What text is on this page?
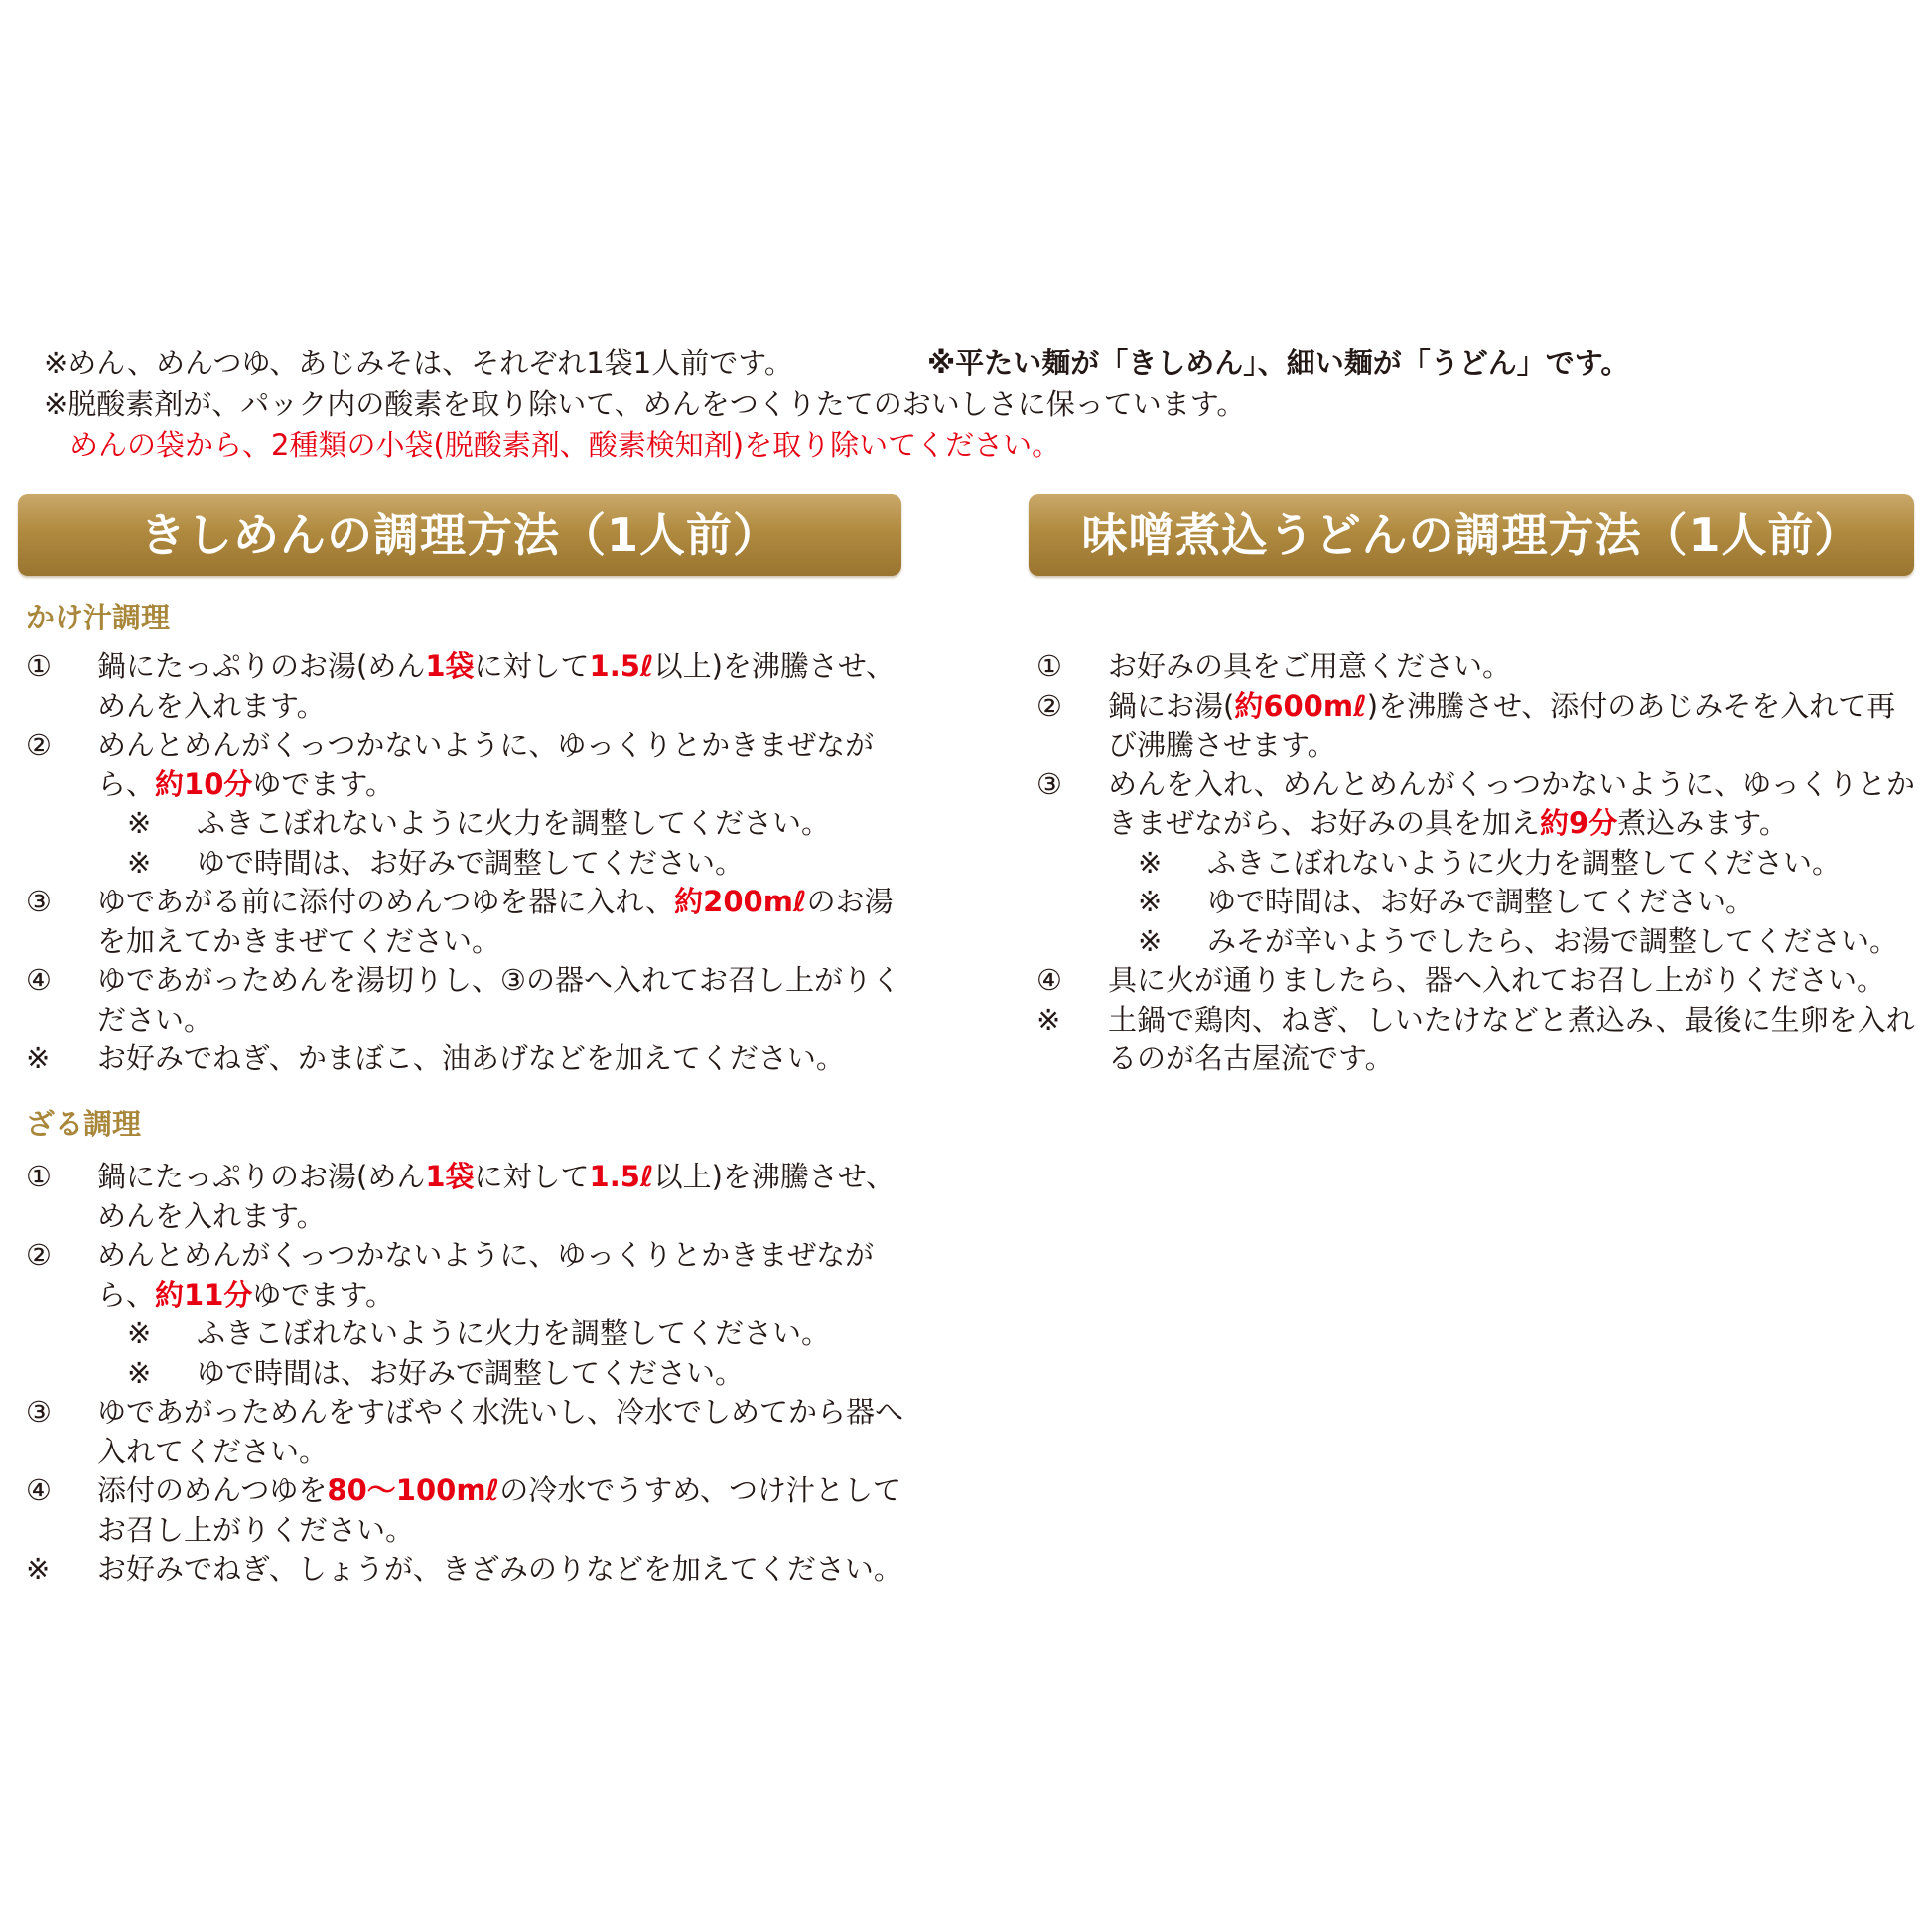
※めん、めんつゆ、あじみそは、それぞれ1袋1人前です。	※平たい麺が「きしめん」、細い麺が「うどん」です。
※脱酸素剤が、パック内の酸素を取り除いて、めんをつくりたてのおいしさに保っています。
めんの袋から、2種類の小袋(脱酸素剤、酸素検知剤)を取り除いてください。
きしめんの調理方法（1人前）
かけ汁調理
① 鍋にたっぷりのお湯(めん1袋に対して1.5ℓ以上)を沸騰させ、めんを入れます。
② めんとめんがくっつかないように、ゆっくりとかきまぜながら、約10分ゆでます。
※ ふきこぼれないように火力を調整してください。
※ ゆで時間は、お好みで調整してください。
③ ゆであがる前に添付のめんつゆを器に入れ、約200mℓのお湯を加えてかきまぜてください。
④ ゆであがっためんを湯切りし、③の器へ入れてお召し上がりください。
※ お好みでねぎ、かまぼこ、油あげなどを加えてください。
ざる調理
① 鍋にたっぷりのお湯(めん1袋に対して1.5ℓ以上)を沸騰させ、めんを入れます。
② めんとめんがくっつかないように、ゆっくりとかきまぜながら、約11分ゆでます。
※ ふきこぼれないように火力を調整してください。
※ ゆで時間は、お好みで調整してください。
③ ゆであがっためんをすばやく水洗いし、冷水でしめてから器へ入れてください。
④ 添付のめんつゆを80～100mℓの冷水でうすめ、つけ汁としてお召し上がりください。
※ お好みでねぎ、しょうが、きざみのりなどを加えてください。
味噌煮込うどんの調理方法（1人前）
① お好みの具をご用意ください。
② 鍋にお湯(約600mℓ)を沸騰させ、添付のあじみそを入れて再び沸騰させます。
③ めんを入れ、めんとめんがくっつかないように、ゆっくりとかきまぜながら、お好みの具を加え約9分煮込みます。
※ ふきこぼれないように火力を調整してください。
※ ゆで時間は、お好みで調整してください。
※ みそが辛いようでしたら、お湯で調整してください。
④ 具に火が通りましたら、器へ入れてお召し上がりください。
※ 土鍋で鶏肉、ねぎ、しいたけなどと煮込み、最後に生卵を入れるのが名古屋流です。
